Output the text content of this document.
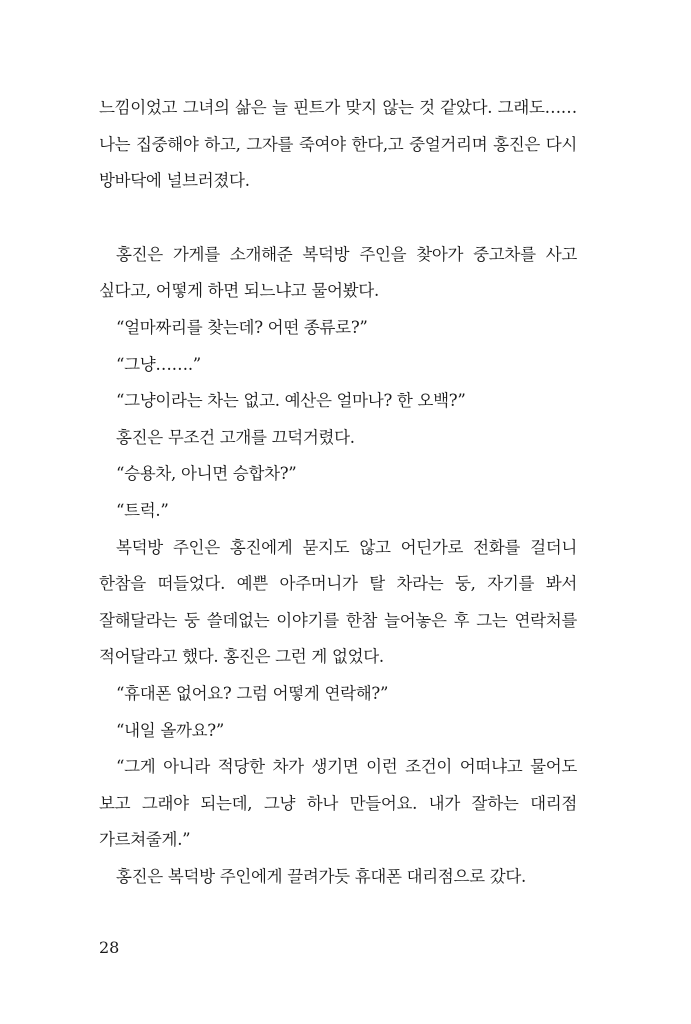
느낌이었고 그녀의 삶은 늘 핀트가 맞지 않는 것 같았다. 그래도…… 나는 집중해야 하고, 그자를 죽여야 한다,고 중얼거리며 홍진은 다시 방바닥에 널브러졌다.

홍진은 가게를 소개해준 복덕방 주인을 찾아가 중고차를 사고 싶다고, 어떻게 하면 되느냐고 물어봤다.

“얼마짜리를 찾는데? 어떤 종류로?”

“그냥…….”

“그냥이라는 차는 없고. 예산은 얼마나? 한 오백?”

홍진은 무조건 고개를 끄덕거렸다.

“승용차, 아니면 승합차?”

“트럭.”

복덕방 주인은 홍진에게 묻지도 않고 어딘가로 전화를 걸더니 한참을 떠들었다. 예쁜 아주머니가 탈 차라는 둥, 자기를 봐서 잘해달라는 둥 쓸데없는 이야기를 한참 늘어놓은 후 그는 연락처를 적어달라고 했다. 홍진은 그런 게 없었다.

“휴대폰 없어요? 그럼 어떻게 연락해?”

“내일 올까요?”

“그게 아니라 적당한 차가 생기면 이런 조건이 어떠냐고 물어도 보고 그래야 되는데, 그냥 하나 만들어요. 내가 잘하는 대리점 가르쳐줄게.”

홍진은 복덕방 주인에게 끌려가듯 휴대폰 대리점으로 갔다.

28
